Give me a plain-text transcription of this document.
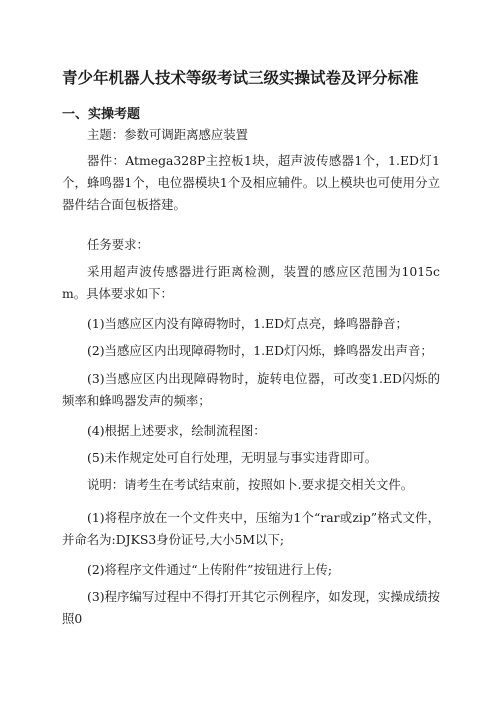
青少年机器人技术等级考试三级实操试卷及评分标准
一、实操考题
主题：参数可调距离感应装置
器件：Atmega328P主控板1块，超声波传感器1个，1.ED灯1个，蜂鸣器1个，电位器模块1个及相应辅件。以上模块也可使用分立器件结合面包板搭建。
任务要求：
采用超声波传感器进行距离检测，装置的感应区范围为1015cm。具体要求如下：
(1)当感应区内没有障碍物时，1.ED灯点亮，蜂鸣器静音；
(2)当感应区内出现障碍物时，1.ED灯闪烁，蜂鸣器发出声音；
(3)当感应区内出现障碍物时，旋转电位器，可改变1.ED闪烁的频率和蜂鸣器发声的频率；
(4)根据上述要求，绘制流程图：
(5)未作规定处可自行处理，无明显与事实违背即可。
说明：请考生在考试结束前，按照如卜.要求提交相关文件。
(1)将程序放在一个文件夹中，压缩为1个“rar或zip”格式文件，并命名为:DJKS3身份证号,大小5M以下;
(2)将程序文件通过“上传附件”按钮进行上传;
(3)程序编写过程中不得打开其它示例程序，如发现，实操成绩按照0
